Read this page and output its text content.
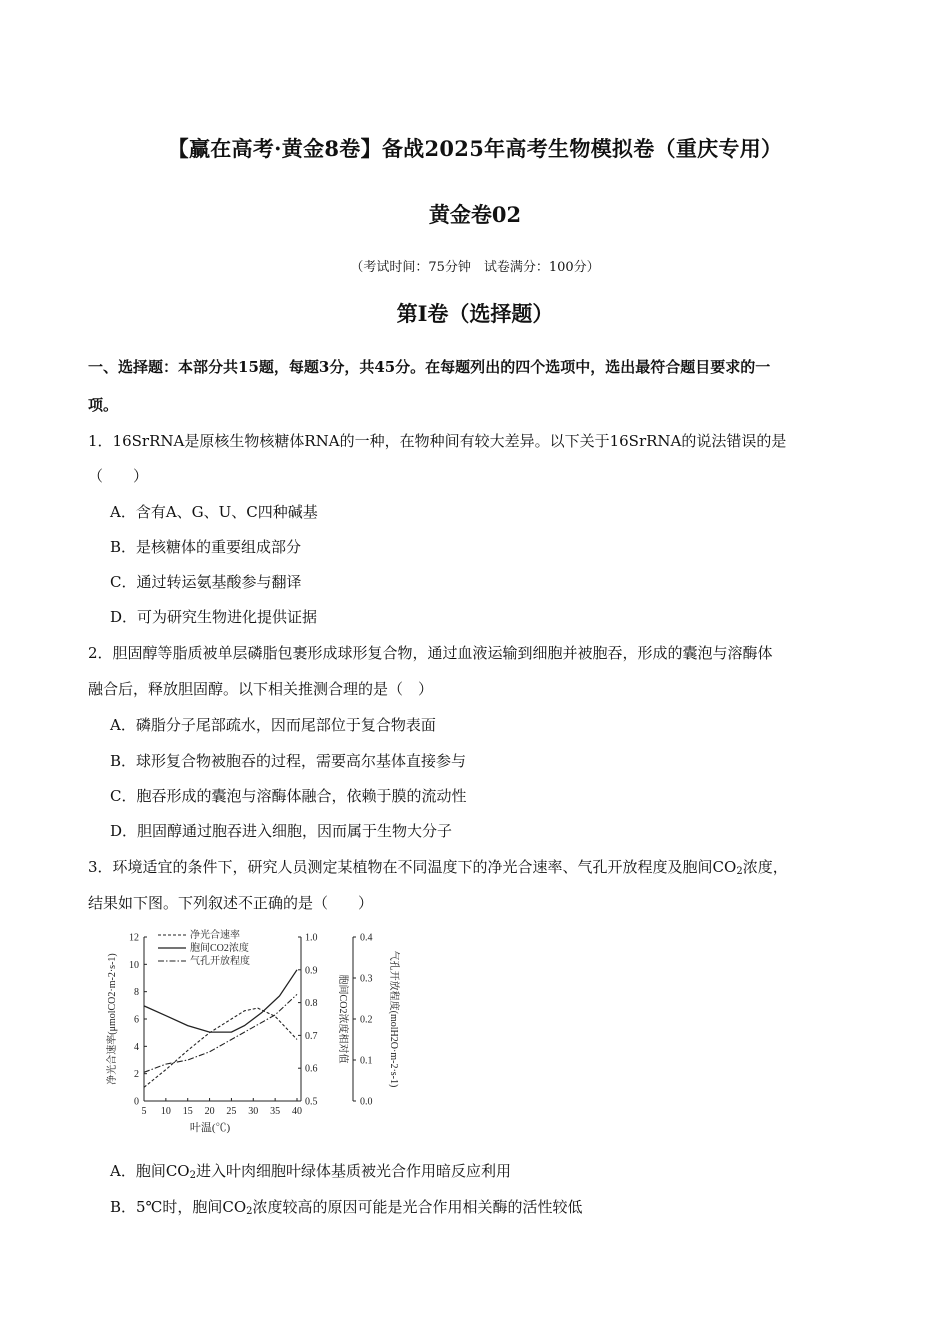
【赢在高考·黄金8卷】备战2025年高考生物模拟卷（重庆专用）
黄金卷02
（考试时间：75分钟　试卷满分：100分）
第I卷（选择题）
一、选择题：本部分共15题，每题3分，共45分。在每题列出的四个选项中，选出最符合题目要求的一
项。
1．16SrRNA是原核生物核糖体RNA的一种，在物种间有较大差异。以下关于16SrRNA的说法错误的是
（　　）
A．含有A、G、U、C四种碱基
B．是核糖体的重要组成部分
C．通过转运氨基酸参与翻译
D．可为研究生物进化提供证据
2．胆固醇等脂质被单层磷脂包裹形成球形复合物，通过血液运输到细胞并被胞吞，形成的囊泡与溶酶体
融合后，释放胆固醇。以下相关推测合理的是（　）
A．磷脂分子尾部疏水，因而尾部位于复合物表面
B．球形复合物被胞吞的过程，需要高尔基体直接参与
C．胞吞形成的囊泡与溶酶体融合，依赖于膜的流动性
D．胆固醇通过胞吞进入细胞，因而属于生物大分子
3．环境适宜的条件下，研究人员测定某植物在不同温度下的净光合速率、气孔开放程度及胞间$CO_2$浓度，
结果如下图。下列叙述不正确的是（　　）
5 10 15 20 25 30 35 40
0
2
4
6
8
10
12
0.5
0.6
0.7
0.8
0.9
1.0
0.0
0.1
0.2
0.3
0.4
净光合速率
胞间CO2浓度
气孔开放程度
叶温(℃)
净光合速率(μmolCO2·m-2·s-1)	胞间CO2浓度相对值	气孔开放程度(molH2O·m-2·s-1)
A．胞间$CO_2$进入叶肉细胞叶绿体基质被光合作用暗反应利用
B．5℃时，胞间$CO_2$浓度较高的原因可能是光合作用相关酶的活性较低
